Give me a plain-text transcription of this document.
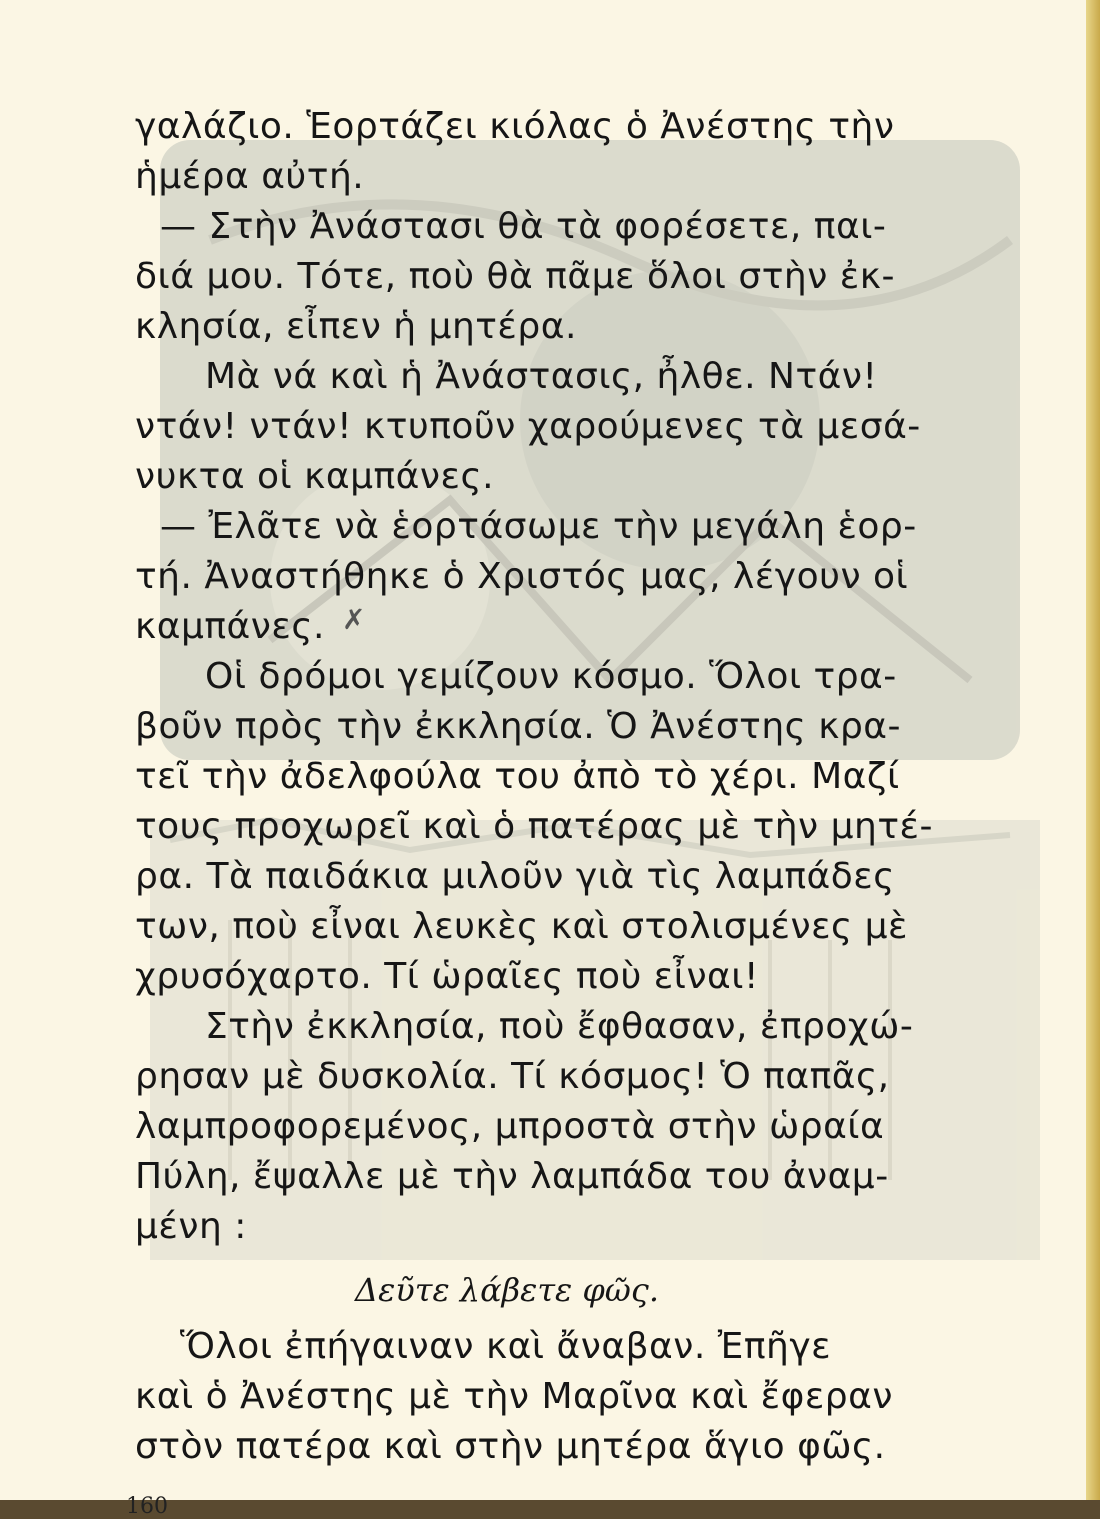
γαλάζιο. Ἑορτάζει κιόλας ὁ Ἀνέστης τὴν
ἡμέρα αὐτή.
— Στὴν Ἀνάστασι θὰ τὰ φορέσετε, παι-
διά μου. Τότε, ποὺ θὰ πᾶμε ὅλοι στὴν ἐκ-
κλησία, εἶπεν ἡ μητέρα.
Μὰ νά καὶ ἡ Ἀνάστασις, ἦλθε. Ντάν!
ντάν! ντάν! κτυποῦν χαρούμενες τὰ μεσά-
νυκτα οἱ καμπάνες.
— Ἐλᾶτε νὰ ἑορτάσωμε τὴν μεγάλη ἑορ-
τή. Ἀναστήθηκε ὁ Χριστός μας, λέγουν οἱ
καμπάνες.
Οἱ δρόμοι γεμίζουν κόσμο. Ὅλοι τρα-
βοῦν πρὸς τὴν ἐκκλησία. Ὁ Ἀνέστης κρα-
τεῖ τὴν ἀδελφούλα του ἀπὸ τὸ χέρι. Μαζί
τους προχωρεῖ καὶ ὁ πατέρας μὲ τὴν μητέ-
ρα. Τὰ παιδάκια μιλοῦν γιὰ τὶς λαμπάδες
των, ποὺ εἶναι λευκὲς καὶ στολισμένες μὲ
χρυσόχαρτο. Τί ὡραῖες ποὺ εἶναι!
Στὴν ἐκκλησία, ποὺ ἔφθασαν, ἐπροχώ-
ρησαν μὲ δυσκολία. Τί κόσμος! Ὁ παπᾶς,
λαμπροφορεμένος, μπροστὰ στὴν ὡραία
Πύλη, ἔψαλλε μὲ τὴν λαμπάδα του ἀναμ-
μένη :
Δεῦτε λάβετε φῶς.
Ὅλοι ἐπήγαιναν καὶ ἄναβαν. Ἐπῆγε
καὶ ὁ Ἀνέστης μὲ τὴν Μαρῖνα καὶ ἔφεραν
στὸν πατέρα καὶ στὴν μητέρα ἅγιο φῶς.
✗
160
